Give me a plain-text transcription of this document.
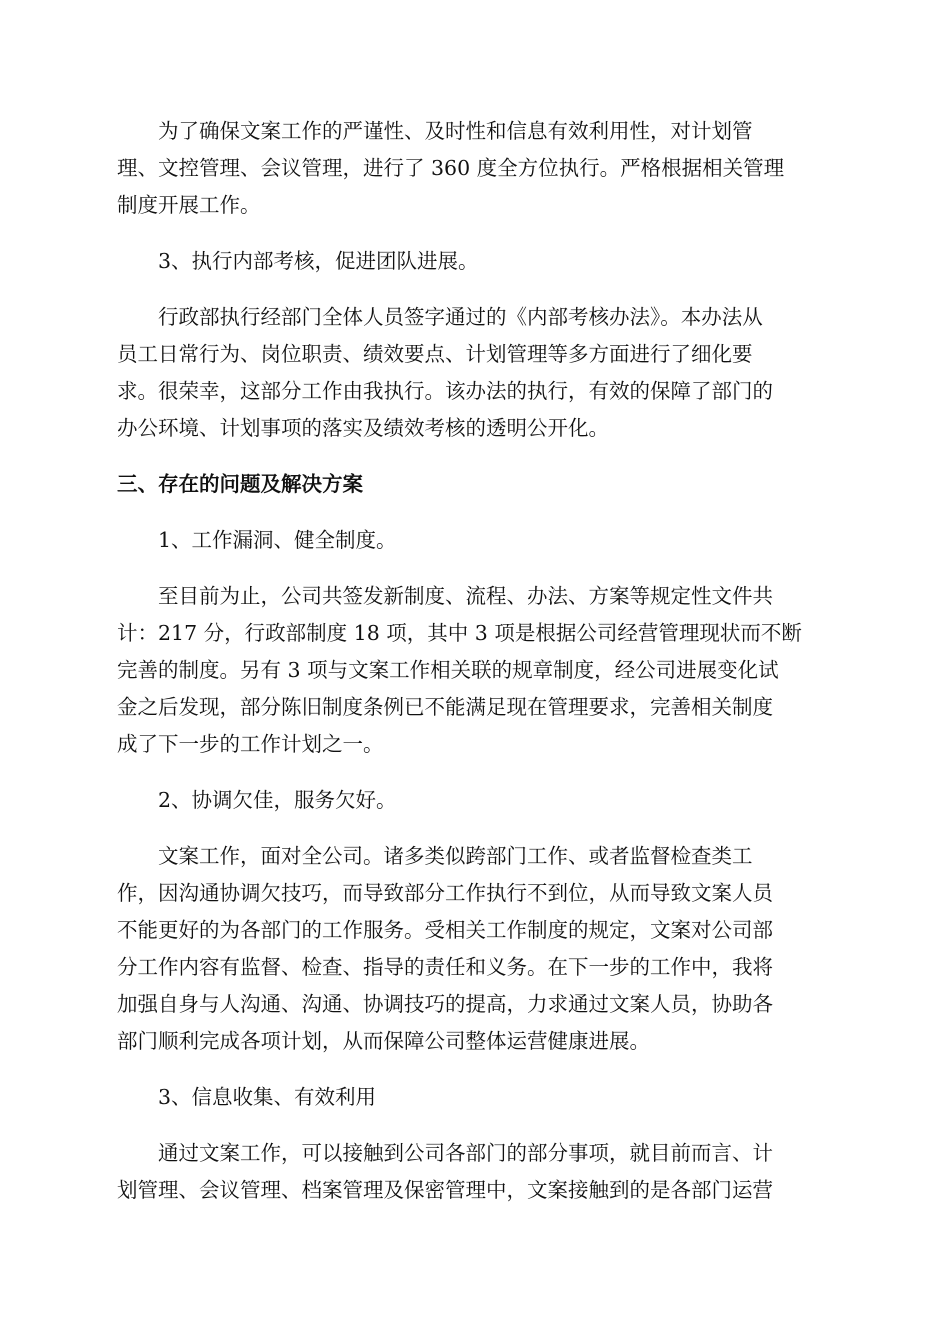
为了确保文案工作的严谨性、及时性和信息有效利用性，对计划管
理、文控管理、会议管理，进行了 360 度全方位执行。严格根据相关管理
制度开展工作。

3、执行内部考核，促进团队进展。

行政部执行经部门全体人员签字通过的《内部考核办法》。本办法从
员工日常行为、岗位职责、绩效要点、计划管理等多方面进行了细化要
求。很荣幸，这部分工作由我执行。该办法的执行，有效的保障了部门的
办公环境、计划事项的落实及绩效考核的透明公开化。

三、存在的问题及解决方案

1、工作漏洞、健全制度。

至目前为止，公司共签发新制度、流程、办法、方案等规定性文件共
计：217 分，行政部制度 18 项，其中 3 项是根据公司经营管理现状而不断
完善的制度。另有 3 项与文案工作相关联的规章制度，经公司进展变化试
金之后发现，部分陈旧制度条例已不能满足现在管理要求，完善相关制度
成了下一步的工作计划之一。

2、协调欠佳，服务欠好。

文案工作，面对全公司。诸多类似跨部门工作、或者监督检查类工
作，因沟通协调欠技巧，而导致部分工作执行不到位，从而导致文案人员
不能更好的为各部门的工作服务。受相关工作制度的规定，文案对公司部
分工作内容有监督、检查、指导的责任和义务。在下一步的工作中，我将
加强自身与人沟通、沟通、协调技巧的提高，力求通过文案人员，协助各
部门顺利完成各项计划，从而保障公司整体运营健康进展。

3、信息收集、有效利用

通过文案工作，可以接触到公司各部门的部分事项，就目前而言、计
划管理、会议管理、档案管理及保密管理中，文案接触到的是各部门运营
